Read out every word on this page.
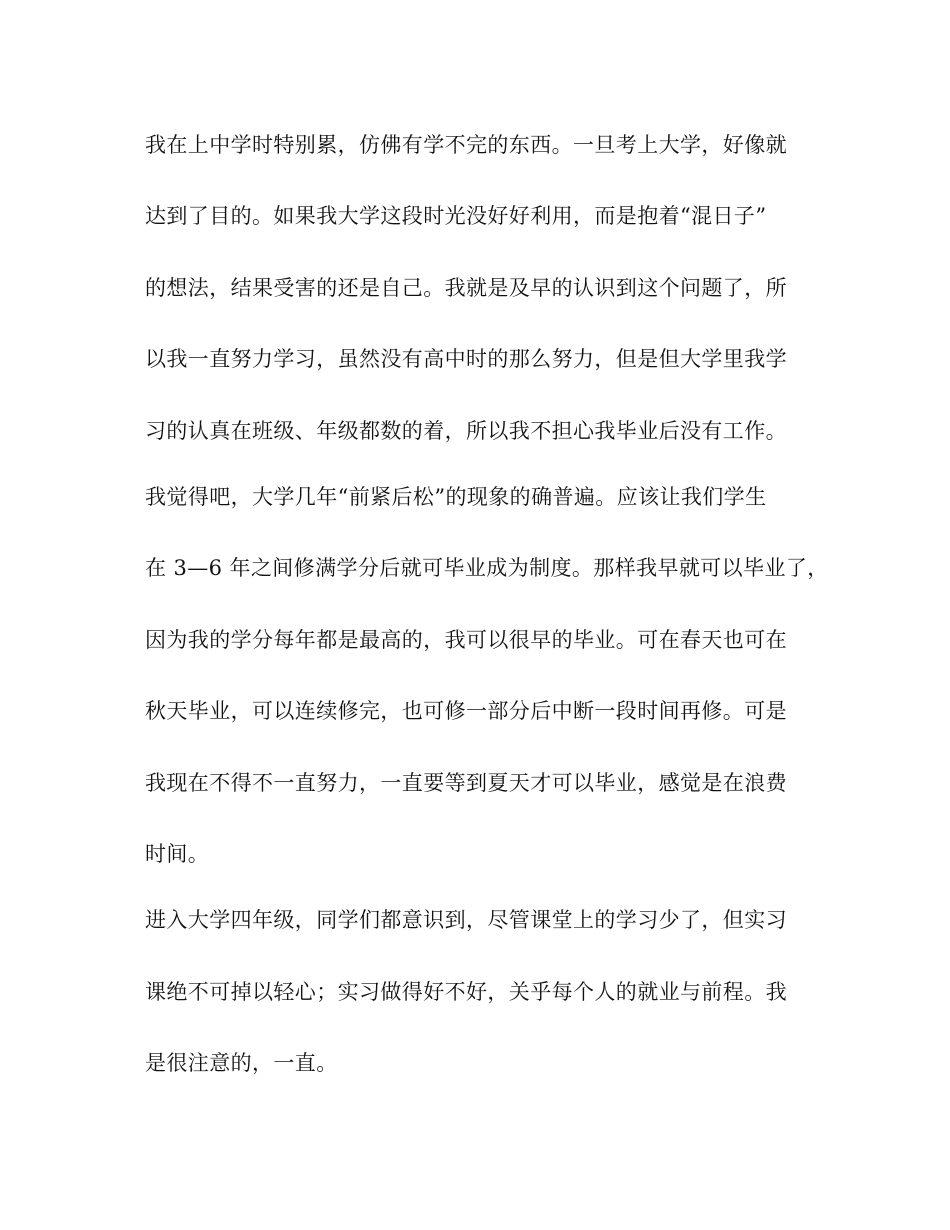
我在上中学时特别累，仿佛有学不完的东西。一旦考上大学，好像就
达到了目的。如果我大学这段时光没好好利用，而是抱着“混日子”
的想法，结果受害的还是自己。我就是及早的认识到这个问题了，所
以我一直努力学习，虽然没有高中时的那么努力，但是但大学里我学
习的认真在班级、年级都数的着，所以我不担心我毕业后没有工作。
我觉得吧，大学几年“前紧后松”的现象的确普遍。应该让我们学生
在 3—6 年之间修满学分后就可毕业成为制度。那样我早就可以毕业了，
因为我的学分每年都是最高的，我可以很早的毕业。可在春天也可在
秋天毕业，可以连续修完，也可修一部分后中断一段时间再修。可是
我现在不得不一直努力，一直要等到夏天才可以毕业，感觉是在浪费
时间。
进入大学四年级，同学们都意识到，尽管课堂上的学习少了，但实习
课绝不可掉以轻心；实习做得好不好，关乎每个人的就业与前程。我
是很注意的，一直。
